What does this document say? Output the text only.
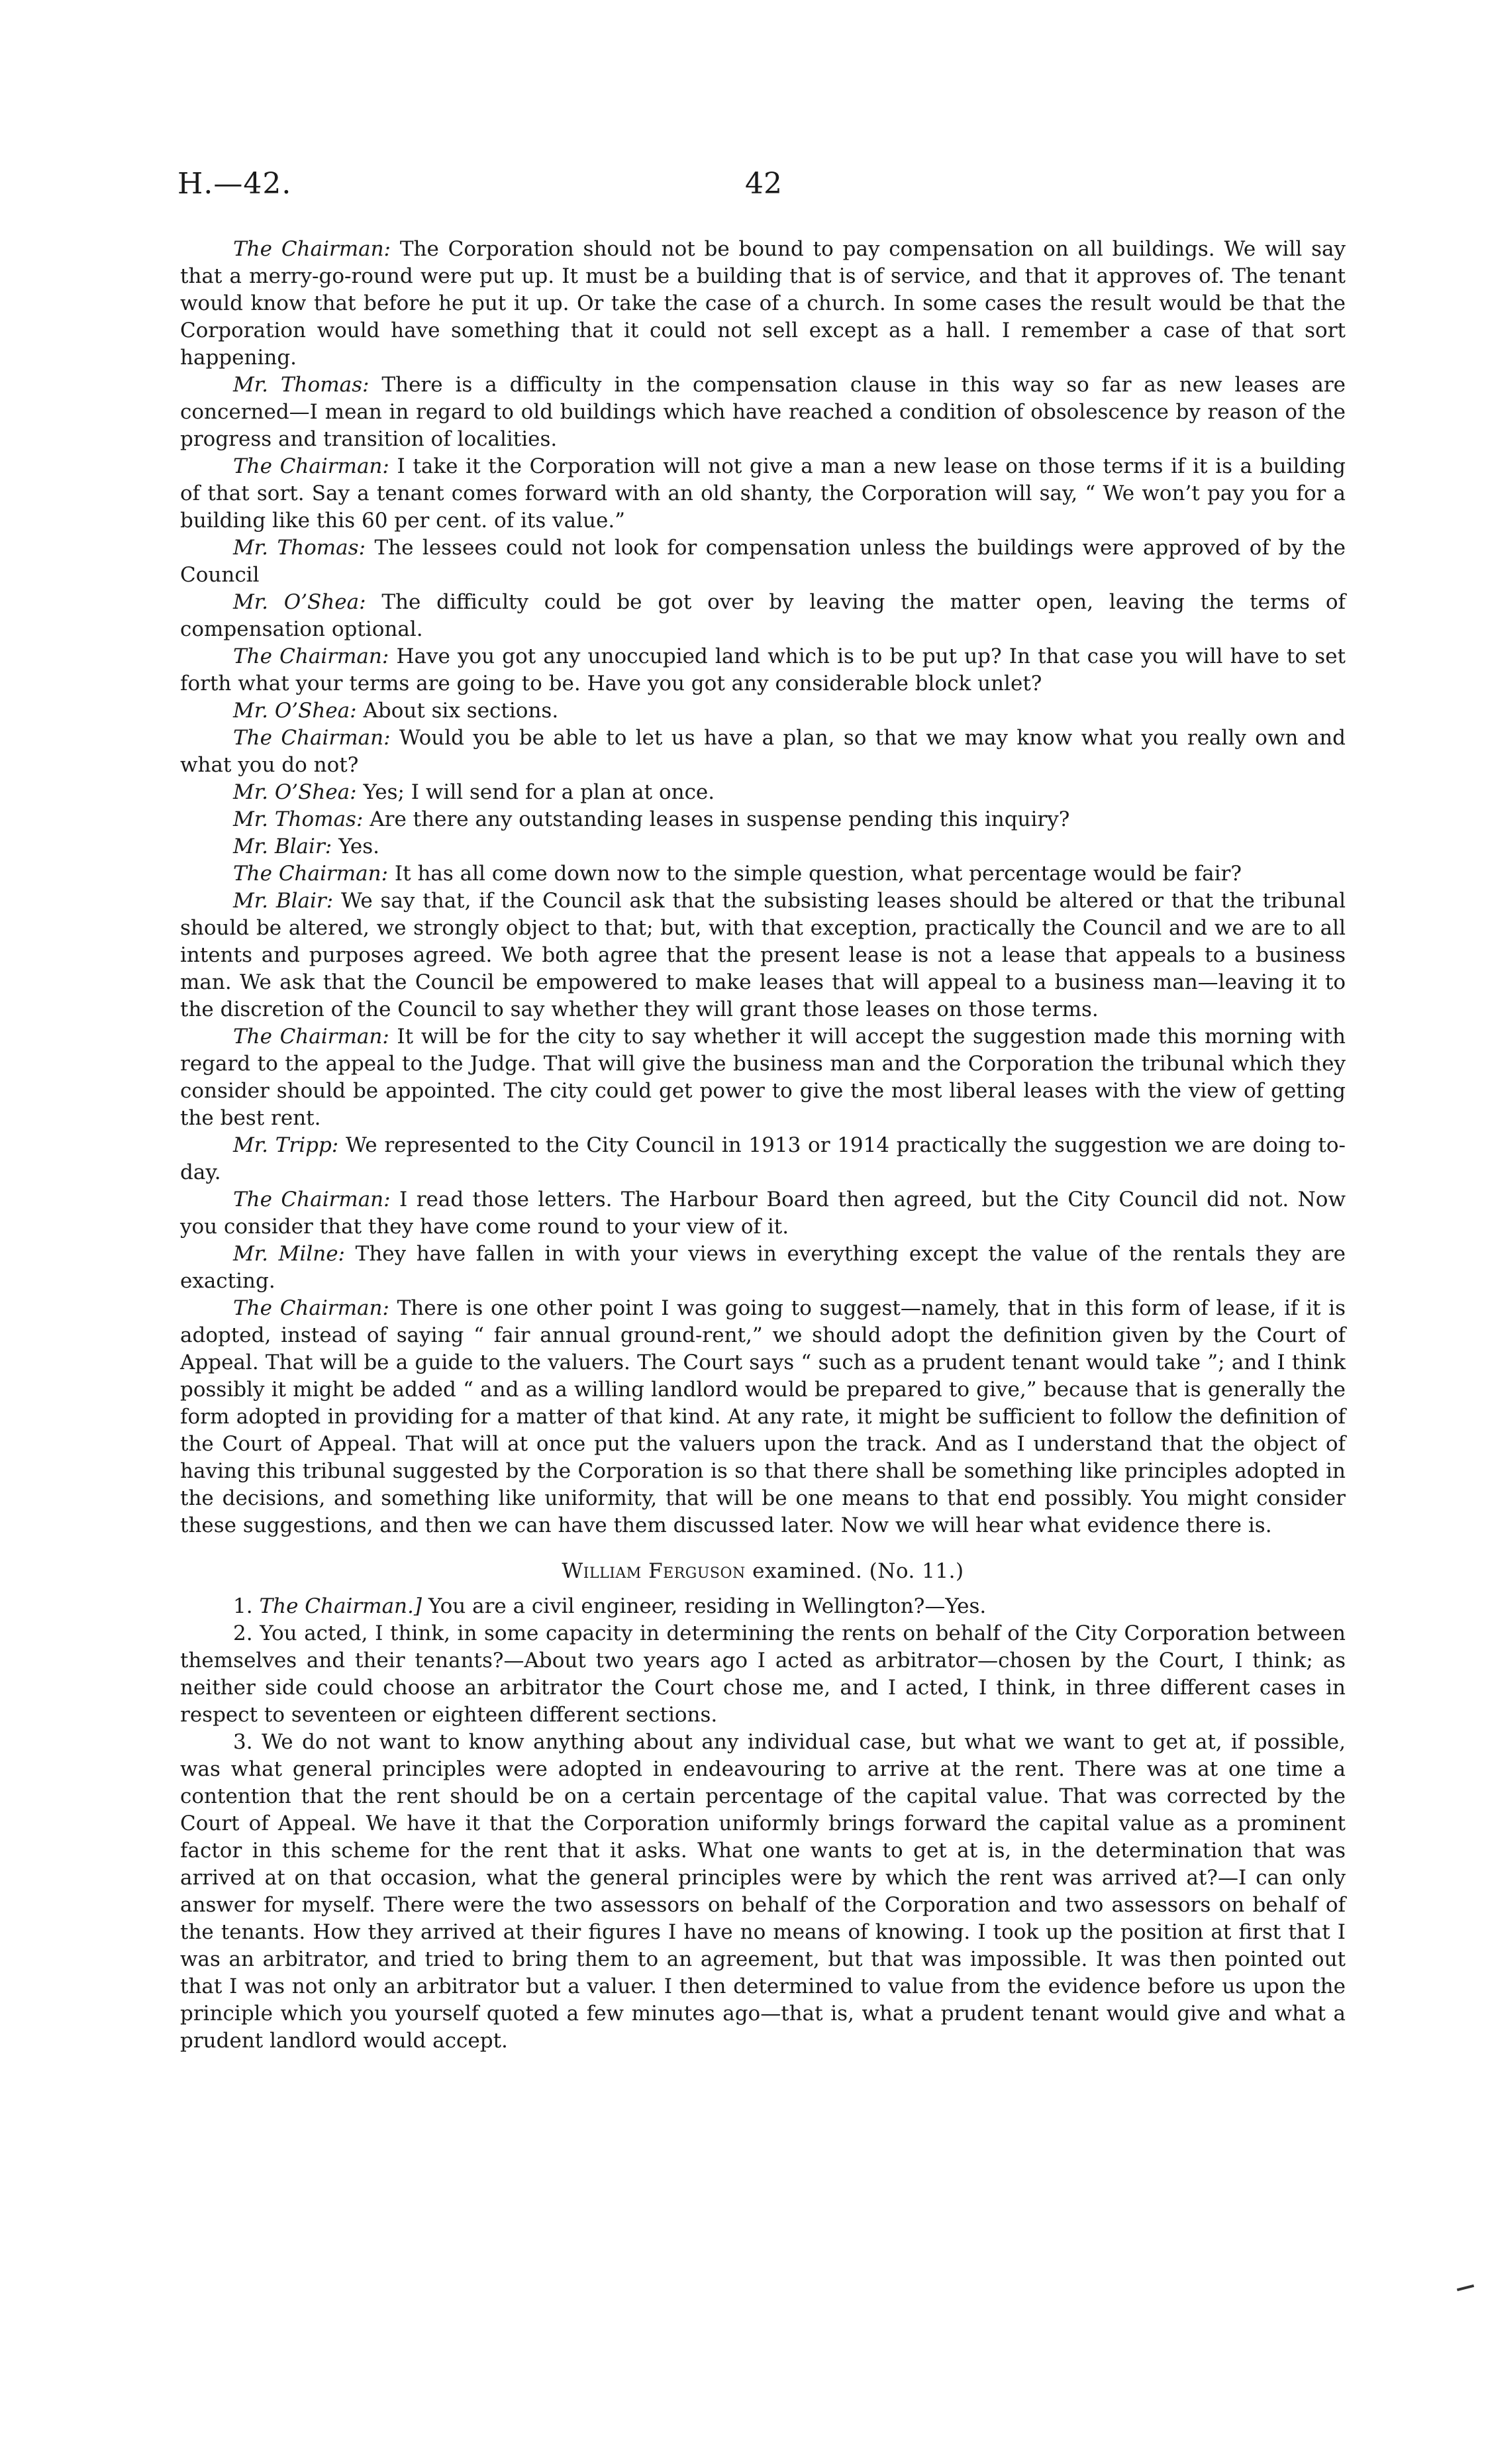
H.—42.	42

The Chairman: The Corporation should not be bound to pay compensation on all buildings. We will say that a merry-go-round were put up. It must be a building that is of service, and that it approves of. The tenant would know that before he put it up. Or take the case of a church. In some cases the result would be that the Corporation would have something that it could not sell except as a hall. I remember a case of that sort happening.

Mr. Thomas: There is a difficulty in the compensation clause in this way so far as new leases are concerned—I mean in regard to old buildings which have reached a condition of obsolescence by reason of the progress and transition of localities.

The Chairman: I take it the Corporation will not give a man a new lease on those terms if it is a building of that sort. Say a tenant comes forward with an old shanty, the Corporation will say, “ We won’t pay you for a building like this 60 per cent. of its value.”

Mr. Thomas: The lessees could not look for compensation unless the buildings were approved of by the Council

Mr. O’Shea: The difficulty could be got over by leaving the matter open, leaving the terms of compensation optional.

The Chairman: Have you got any unoccupied land which is to be put up? In that case you will have to set forth what your terms are going to be. Have you got any considerable block unlet?

Mr. O’Shea: About six sections.

The Chairman: Would you be able to let us have a plan, so that we may know what you really own and what you do not?

Mr. O’Shea: Yes; I will send for a plan at once.

Mr. Thomas: Are there any outstanding leases in suspense pending this inquiry?

Mr. Blair: Yes.

The Chairman: It has all come down now to the simple question, what percentage would be fair?

Mr. Blair: We say that, if the Council ask that the subsisting leases should be altered or that the tribunal should be altered, we strongly object to that; but, with that exception, practically the Council and we are to all intents and purposes agreed. We both agree that the present lease is not a lease that appeals to a business man. We ask that the Council be empowered to make leases that will appeal to a business man—leaving it to the discretion of the Council to say whether they will grant those leases on those terms.

The Chairman: It will be for the city to say whether it will accept the suggestion made this morning with regard to the appeal to the Judge. That will give the business man and the Corporation the tribunal which they consider should be appointed. The city could get power to give the most liberal leases with the view of getting the best rent.

Mr. Tripp: We represented to the City Council in 1913 or 1914 practically the suggestion we are doing to-day.

The Chairman: I read those letters. The Harbour Board then agreed, but the City Council did not. Now you consider that they have come round to your view of it.

Mr. Milne: They have fallen in with your views in everything except the value of the rentals they are exacting.

The Chairman: There is one other point I was going to suggest—namely, that in this form of lease, if it is adopted, instead of saying “ fair annual ground-rent,” we should adopt the definition given by the Court of Appeal. That will be a guide to the valuers. The Court says “ such as a prudent tenant would take ”; and I think possibly it might be added “ and as a willing landlord would be prepared to give,” because that is generally the form adopted in providing for a matter of that kind. At any rate, it might be sufficient to follow the definition of the Court of Appeal. That will at once put the valuers upon the track. And as I understand that the object of having this tribunal suggested by the Corporation is so that there shall be something like principles adopted in the decisions, and something like uniformity, that will be one means to that end possibly. You might consider these suggestions, and then we can have them discussed later. Now we will hear what evidence there is.

William Ferguson examined. (No. 11.)

1. The Chairman.] You are a civil engineer, residing in Wellington?—Yes.

2. You acted, I think, in some capacity in determining the rents on behalf of the City Corporation between themselves and their tenants?—About two years ago I acted as arbitrator—chosen by the Court, I think; as neither side could choose an arbitrator the Court chose me, and I acted, I think, in three different cases in respect to seventeen or eighteen different sections.

3. We do not want to know anything about any individual case, but what we want to get at, if possible, was what general principles were adopted in endeavouring to arrive at the rent. There was at one time a contention that the rent should be on a certain percentage of the capital value. That was corrected by the Court of Appeal. We have it that the Corporation uniformly brings forward the capital value as a prominent factor in this scheme for the rent that it asks. What one wants to get at is, in the determination that was arrived at on that occasion, what the general principles were by which the rent was arrived at?—I can only answer for myself. There were the two assessors on behalf of the Corporation and two assessors on behalf of the tenants. How they arrived at their figures I have no means of knowing. I took up the position at first that I was an arbitrator, and tried to bring them to an agreement, but that was impossible. It was then pointed out that I was not only an arbitrator but a valuer. I then determined to value from the evidence before us upon the principle which you yourself quoted a few minutes ago—that is, what a prudent tenant would give and what a prudent landlord would accept.
